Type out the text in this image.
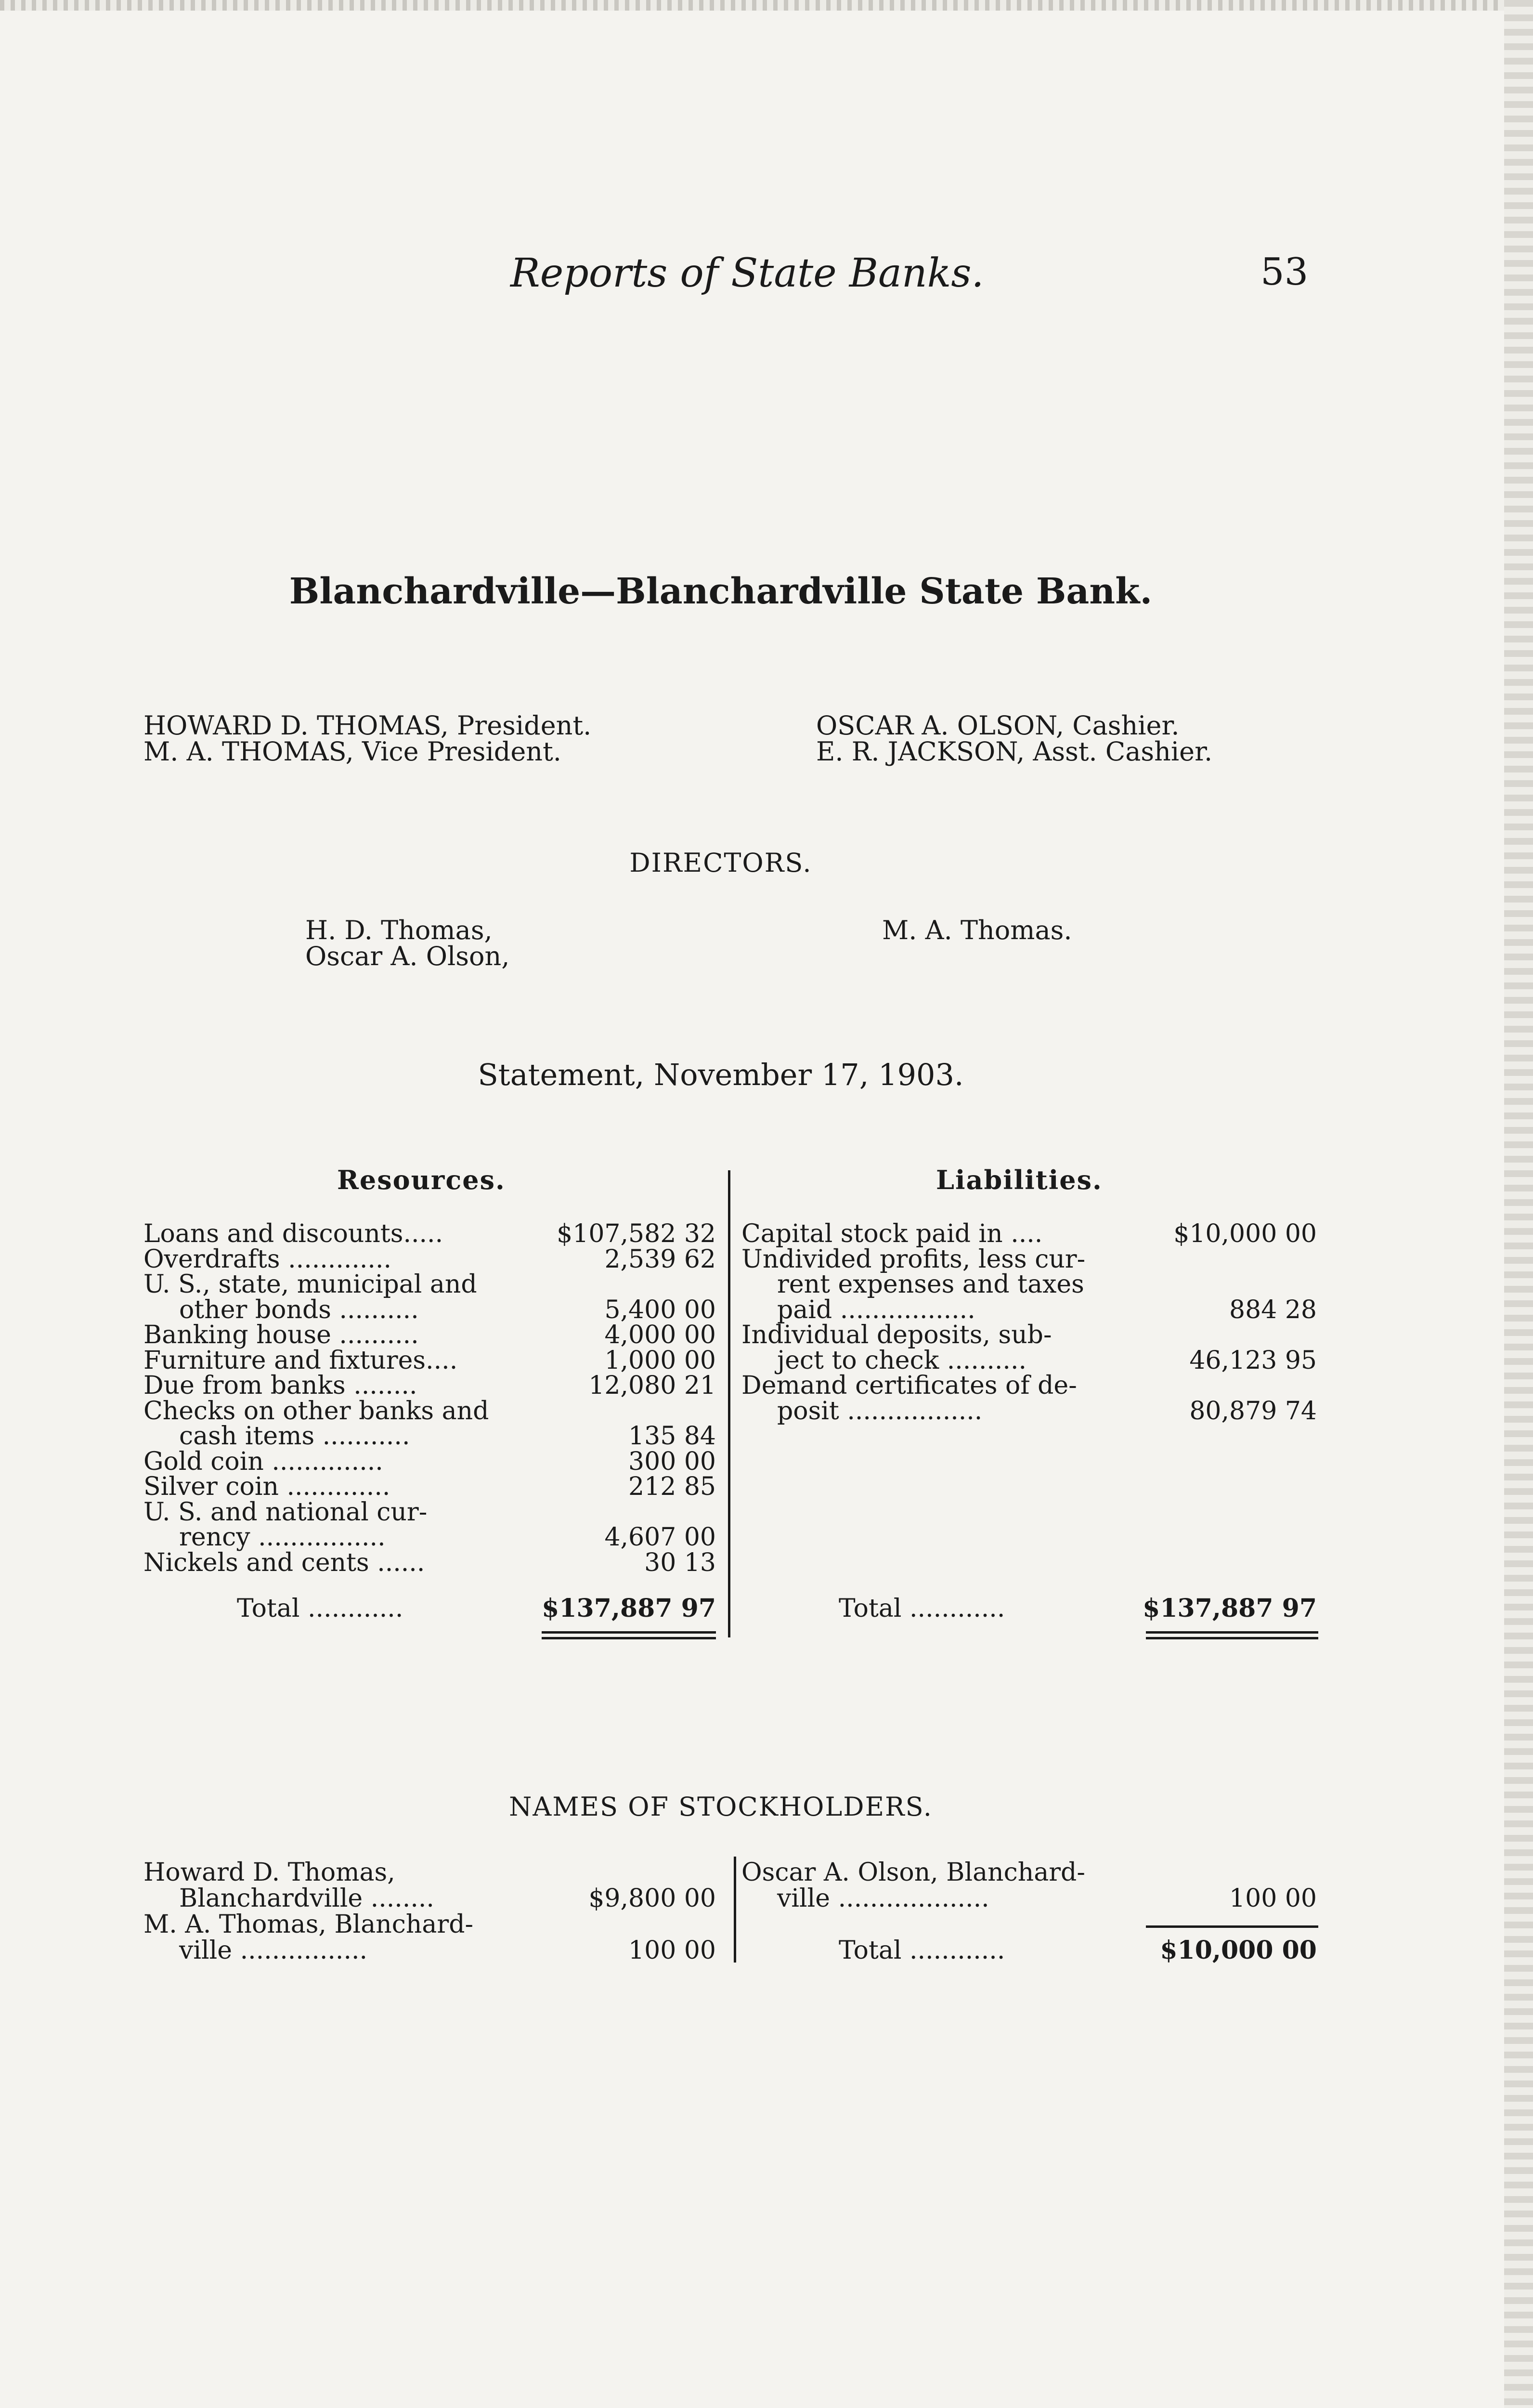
Reports of State Banks.	53
Blanchardville—Blanchardville State Bank.
HOWARD D. THOMAS, President.
M. A. THOMAS, Vice President.
OSCAR A. OLSON, Cashier.
E. R. JACKSON, Asst. Cashier.
DIRECTORS.
H. D. Thomas,
Oscar A. Olson,
M. A. Thomas.
Statement, November 17, 1903.
Resources.	Liabilities.
Loans and discounts.....	$107,582 32
Overdrafts .............	2,539 62
U. S., state, municipal and
other bonds ..........	5,400 00
Banking house ..........	4,000 00
Furniture and fixtures....	1,000 00
Due from banks ........	12,080 21
Checks on other banks and
cash items ...........	135 84
Gold coin ..............	300 00
Silver coin .............	212 85
U. S. and national cur-
rency ................	4,607 00
Nickels and cents ......	30 13
Total ............	$137,887 97
Capital stock paid in ....	$10,000 00
Undivided profits, less cur-
rent expenses and taxes
paid .................	884 28
Individual deposits, sub-
ject to check ..........	46,123 95
Demand certificates of de-
posit .................	80,879 74
Total ............	$137,887 97
NAMES OF STOCKHOLDERS.
Howard D. Thomas,
Blanchardville ........	$9,800 00
M. A. Thomas, Blanchard-
ville ................	100 00
Oscar A. Olson, Blanchard-
ville ...................	100 00
Total ............	$10,000 00
